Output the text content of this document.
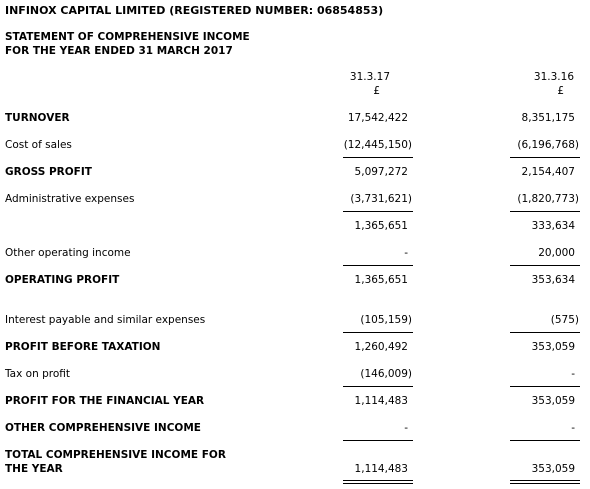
INFINOX CAPITAL LIMITED (REGISTERED NUMBER: 06854853)
STATEMENT OF COMPREHENSIVE INCOME
FOR THE YEAR ENDED 31 MARCH 2017
31.3.17
£
31.3.16
£
TURNOVER	17,542,422	8,351,175
Cost of sales	(12,445,150)	(6,196,768)
GROSS PROFIT	5,097,272	2,154,407
Administrative expenses	(3,731,621)	(1,820,773)
1,365,651	333,634
Other operating income	-	20,000
OPERATING PROFIT	1,365,651	353,634
Interest payable and similar expenses	(105,159)	(575)
PROFIT BEFORE TAXATION	1,260,492	353,059
Tax on profit	(146,009)	-
PROFIT FOR THE FINANCIAL YEAR	1,114,483	353,059
OTHER COMPREHENSIVE INCOME	-	-
TOTAL COMPREHENSIVE INCOME FOR
THE YEAR	1,114,483	353,059
